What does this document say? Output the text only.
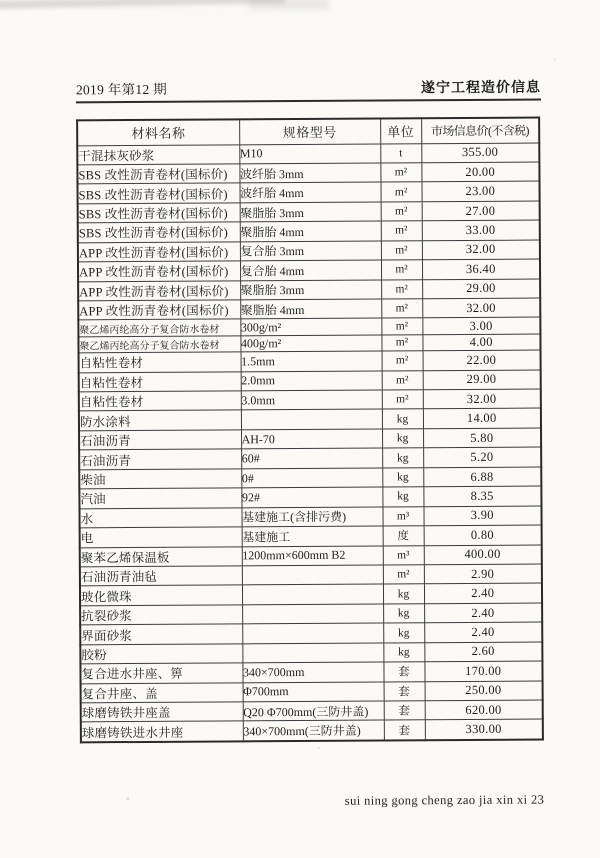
2019 年第12 期	遂宁工程造价信息
材料名称	规格型号	单位	市场信息价(不含税)
干混抹灰砂浆	M10	t	355.00
SBS 改性沥青卷材(国标价)	波纤胎 3mm	m²	20.00
SBS 改性沥青卷材(国标价)	波纤胎 4mm	m²	23.00
SBS 改性沥青卷材(国标价)	聚脂胎 3mm	m²	27.00
SBS 改性沥青卷材(国标价)	聚脂胎 4mm	m²	33.00
APP 改性沥青卷材(国标价)	复合胎 3mm	m²	32.00
APP 改性沥青卷材(国标价)	复合胎 4mm	m²	36.40
APP 改性沥青卷材(国标价)	聚脂胎 3mm	m²	29.00
APP 改性沥青卷材(国标价)	聚脂胎 4mm	m²	32.00
聚乙烯丙纶高分子复合防水卷材	300g/m²	m²	3.00
聚乙烯丙纶高分子复合防水卷材	400g/m²	m²	4.00
自粘性卷材	1.5mm	m²	22.00
自粘性卷材	2.0mm	m²	29.00
自粘性卷材	3.0mm	m²	32.00
防水涂料		kg	14.00
石油沥青	AH-70	kg	5.80
石油沥青	60#	kg	5.20
柴油	0#	kg	6.88
汽油	92#	kg	8.35
水	基建施工(含排污费)	m³	3.90
电	基建施工	度	0.80
聚苯乙烯保温板	1200mm×600mm B2	m³	400.00
石油沥青油毡		m²	2.90
玻化微珠		kg	2.40
抗裂砂浆		kg	2.40
界面砂浆		kg	2.40
胶粉		kg	2.60
复合进水井座、箅	340×700mm	套	170.00
复合井座、盖	Φ700mm	套	250.00
球磨铸铁井座盖	Q20 Φ700mm(三防井盖)	套	620.00
球磨铸铁进水井座	340×700mm(三防井盖)	套	330.00
sui ning gong cheng zao jia xin xi 23
